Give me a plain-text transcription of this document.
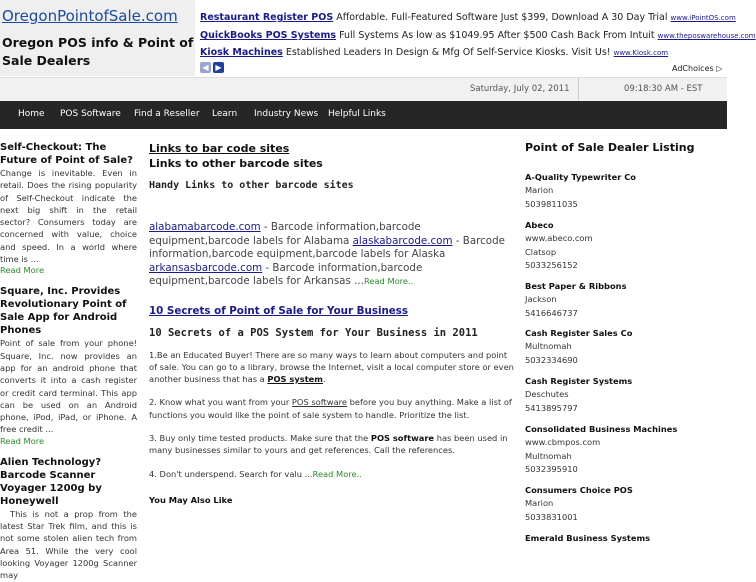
OregonPointofSale.com
Oregon POS info & Point of Sale Dealers
Restaurant Register POS Affordable. Full-Featured Software Just $399, Download A 30 Day Trial www.iPointOS.com
QuickBooks POS Systems Full Systems As low as $1049.95 After $500 Cash Back From Intuit www.theposwarehouse.com
Kiosk Machines Established Leaders In Design & Mfg Of Self-Service Kiosks. Visit Us! www.Kiosk.com
◀ ▶	AdChoices ▷
Saturday, July 02, 2011	09:18:30 AM - EST
Home POS Software Find a Reseller Learn Industry News Helpful Links
Self-Checkout: The Future of Point of Sale?
Change is inevitable. Even in retail. Does the rising popularity of Self-Checkout indicate the next big shift in the retail sector? Consumers today are concerned with value, choice and speed. In a world where time is ...
Read More
Square, Inc. Provides Revolutionary Point of Sale App for Android Phones
Point of sale from your phone! Square, Inc. now provides an app for an android phone that converts it into a cash register or credit card terminal. This app can be used on an Android phone, iPod, iPad, or iPhone. A free credit ...
Read More
Alien Technology? Barcode Scanner Voyager 1200g by Honeywell
This is not a prop from the latest Star Trek film, and this is not some stolen alien tech from Area 51. While the very cool looking Voyager 1200g Scanner may
Links to bar code sites
Links to other barcode sites
Handy Links to other barcode sites
alabamabarcode.com - Barcode information,barcode equipment,barcode labels for Alabama alaskabarcode.com - Barcode information,barcode equipment,barcode labels for Alaska arkansasbarcode.com - Barcode information,barcode equipment,barcode labels for Arkansas ...Read More..
10 Secrets of Point of Sale for Your Business
10 Secrets of a POS System for Your Business in 2011
1.Be an Educated Buyer! There are so many ways to learn about computers and point of sale. You can go to a library, browse the Internet, visit a local computer store or even another business that has a POS system.
2. Know what you want from your POS software before you buy anything. Make a list of functions you would like the point of sale system to handle. Prioritize the list.
3. Buy only time tested products. Make sure that the POS software has been used in many businesses similar to yours and get references. Call the references.
4. Don't underspend. Search for valu ...Read More..
You May Also Like
Point of Sale Dealer Listing
A-Quality Typewriter Co
Marion
5039811035
Abeco
www.abeco.com
Clatsop
5033256152
Best Paper & Ribbons
Jackson
5416646737
Cash Register Sales Co
Multnomah
5032334690
Cash Register Systems
Deschutes
5413895797
Consolidated Business Machines
www.cbmpos.com
Multnomah
5032395910
Consumers Choice POS
Marion
5033831001
Emerald Business Systems
